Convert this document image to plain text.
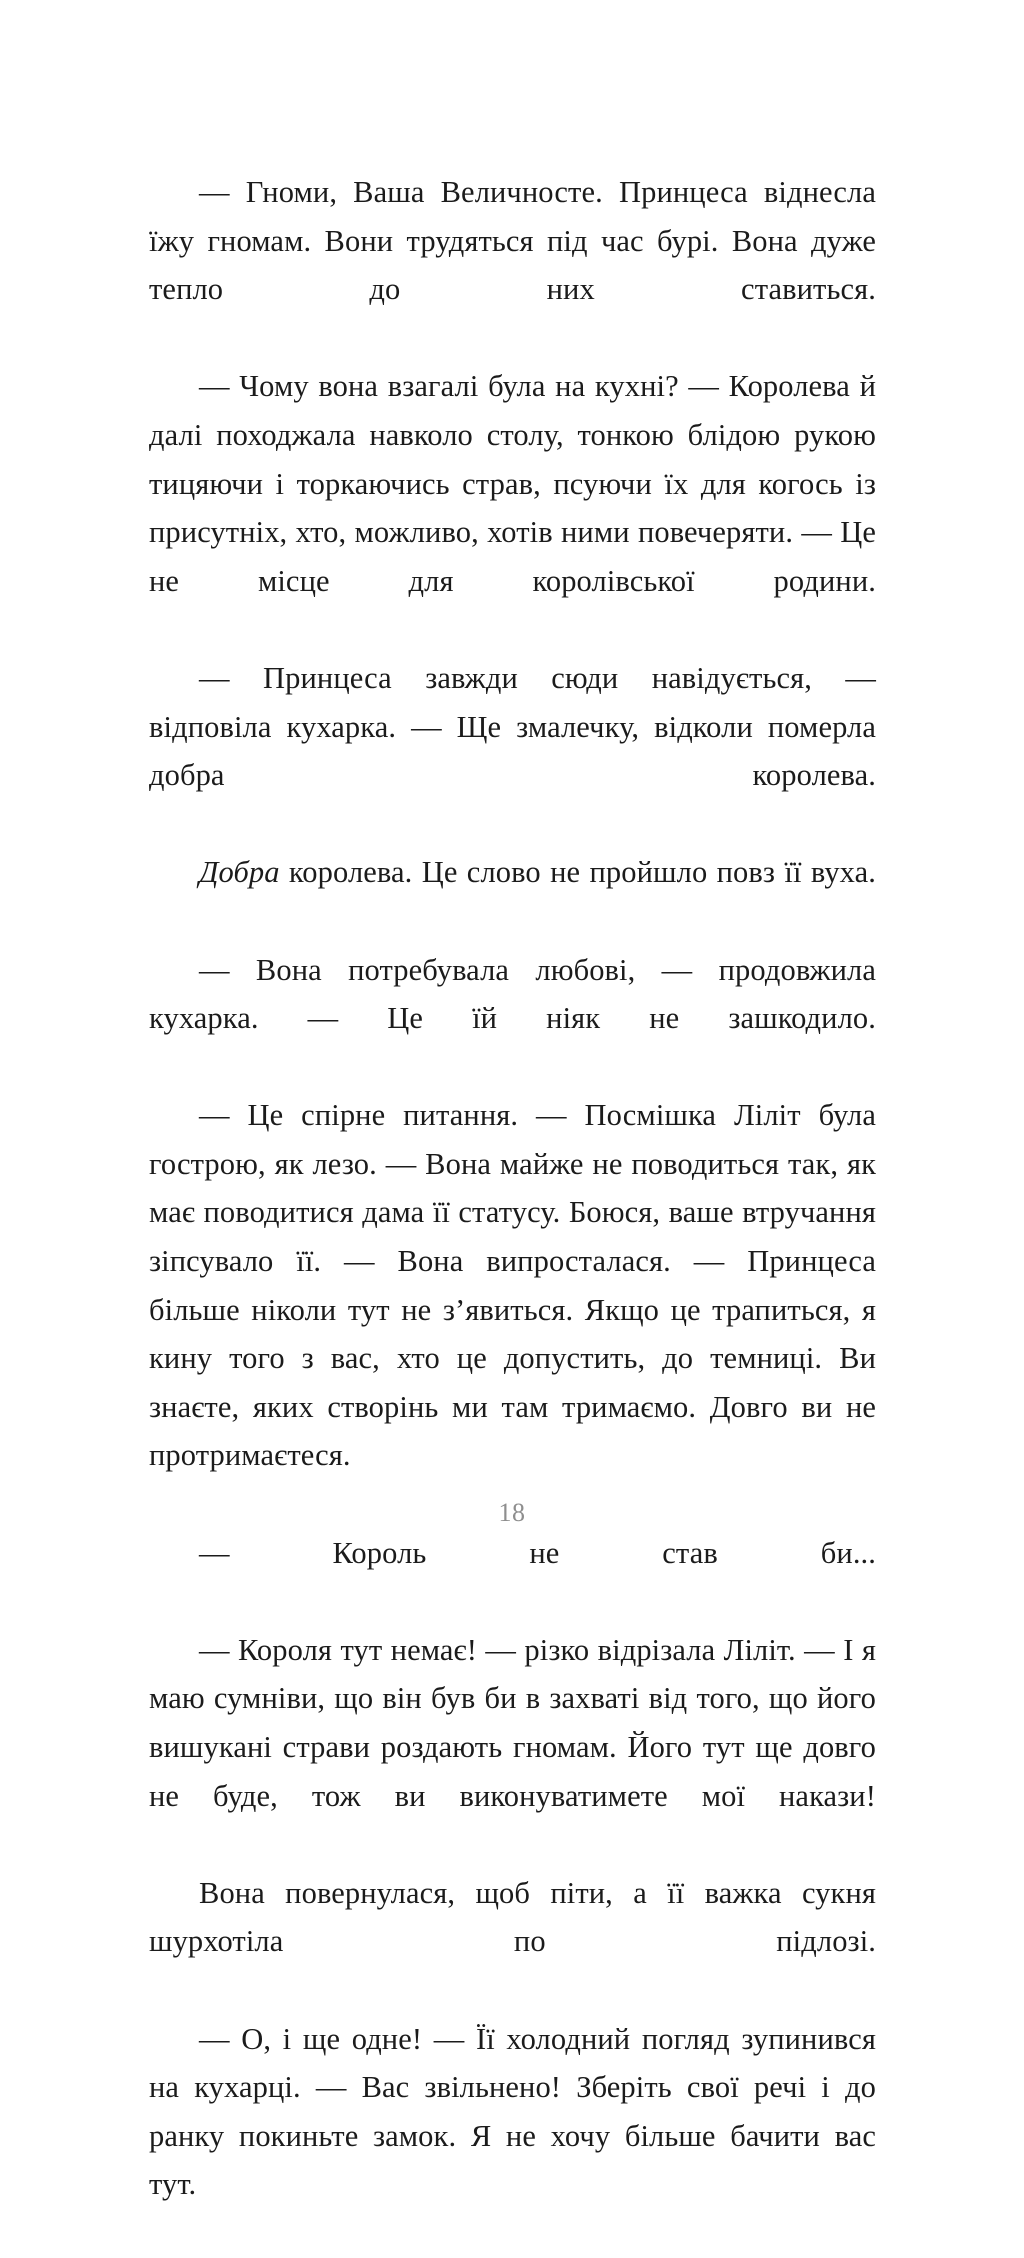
— Гноми, Ваша Величносте. Принцеса віднесла їжу гномам. Вони трудяться під час бурі. Вона дуже тепло до них ставиться.

— Чому вона взагалі була на кухні? — Королева й далі походжала навколо столу, тонкою блідою рукою тицяючи і торкаючись страв, псуючи їх для когось із присутніх, хто, можливо, хотів ними повечеряти. — Це не місце для королівської родини.

— Принцеса завжди сюди навідується, — відповіла кухарка. — Ще змалечку, відколи померла добра королева.

Добра королева. Це слово не пройшло повз її вуха.

— Вона потребувала любові, — продовжила кухарка. — Це їй ніяк не зашкодило.

— Це спірне питання. — Посмішка Ліліт була гострою, як лезо. — Вона майже не поводиться так, як має поводитися дама її статусу. Боюся, ваше втручання зіпсувало її. — Вона випросталася. — Принцеса більше ніколи тут не з’явиться. Якщо це трапиться, я кину того з вас, хто це допустить, до темниці. Ви знаєте, яких створінь ми там тримаємо. Довго ви не протримаєтеся.

— Король не став би...

— Короля тут немає! — різко відрізала Ліліт. — І я маю сумніви, що він був би в захваті від того, що його вишукані страви роздають гномам. Його тут ще довго не буде, тож ви виконуватимете мої накази!

Вона повернулася, щоб піти, а її важка сукня шурхотіла по підлозі.

— О, і ще одне! — Її холодний погляд зупинився на кухарці. — Вас звільнено! Зберіть свої речі і до ранку покиньте замок. Я не хочу більше бачити вас тут.

18
